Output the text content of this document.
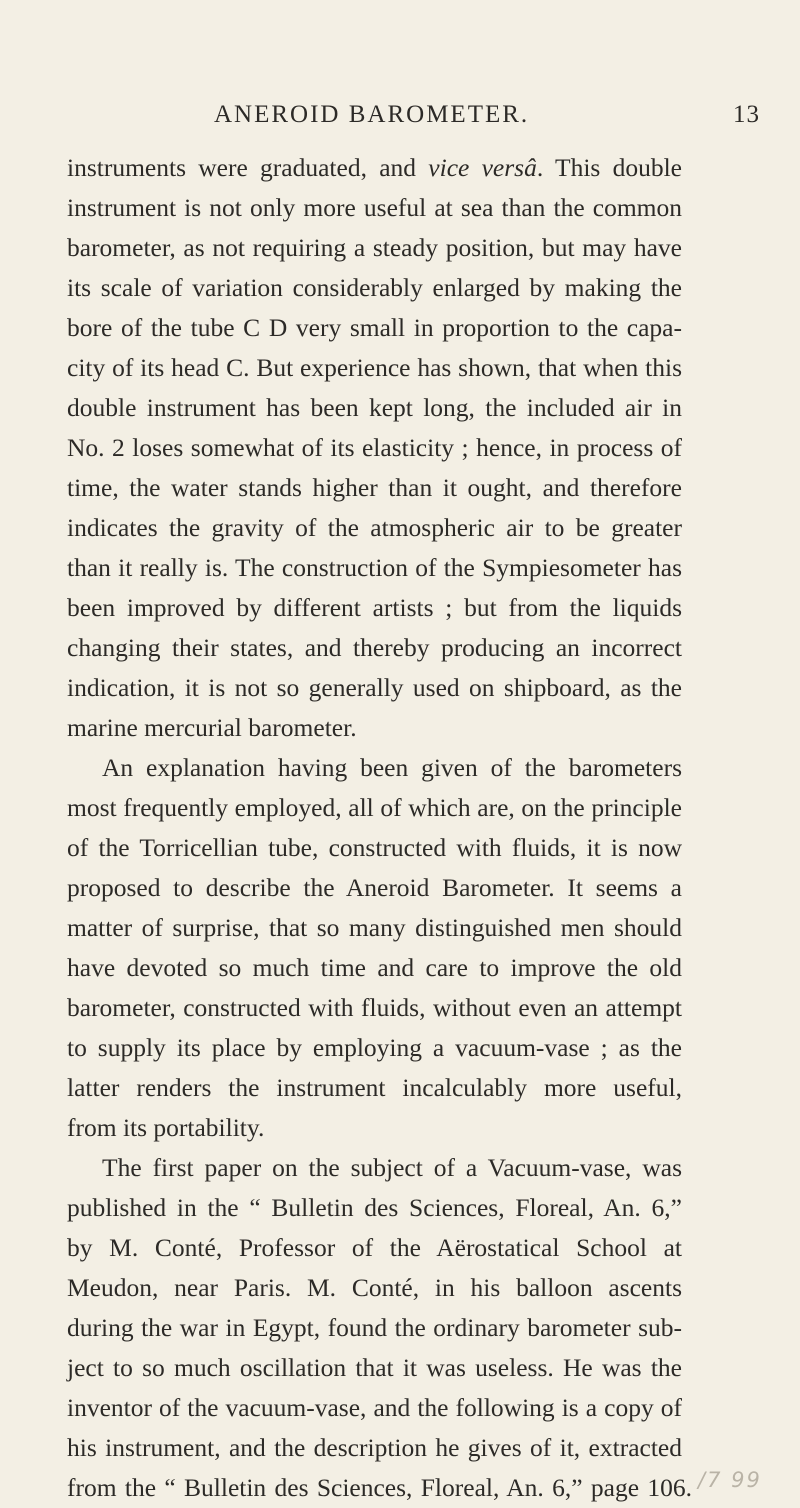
ANEROID BAROMETER.	13
instruments were graduated, and vice versâ. This double
instrument is not only more useful at sea than the common
barometer, as not requiring a steady position, but may have
its scale of variation considerably enlarged by making the
bore of the tube C D very small in proportion to the capa-
city of its head C. But experience has shown, that when this
double instrument has been kept long, the included air in
No. 2 loses somewhat of its elasticity ; hence, in process of
time, the water stands higher than it ought, and therefore
indicates the gravity of the atmospheric air to be greater
than it really is. The construction of the Sympiesometer has
been improved by different artists ; but from the liquids
changing their states, and thereby producing an incorrect
indication, it is not so generally used on shipboard, as the
marine mercurial barometer.
An explanation having been given of the barometers
most frequently employed, all of which are, on the principle
of the Torricellian tube, constructed with fluids, it is now
proposed to describe the Aneroid Barometer. It seems a
matter of surprise, that so many distinguished men should
have devoted so much time and care to improve the old
barometer, constructed with fluids, without even an attempt
to supply its place by employing a vacuum-vase ; as the
latter renders the instrument incalculably more useful,
from its portability.
The first paper on the subject of a Vacuum-vase, was
published in the “ Bulletin des Sciences, Floreal, An. 6,”
by M. Conté, Professor of the Aërostatical School at
Meudon, near Paris. M. Conté, in his balloon ascents
during the war in Egypt, found the ordinary barometer sub-
ject to so much oscillation that it was useless. He was the
inventor of the vacuum-vase, and the following is a copy of
his instrument, and the description he gives of it, extracted
from the “ Bulletin des Sciences, Floreal, An. 6,” page 106. /7 99
